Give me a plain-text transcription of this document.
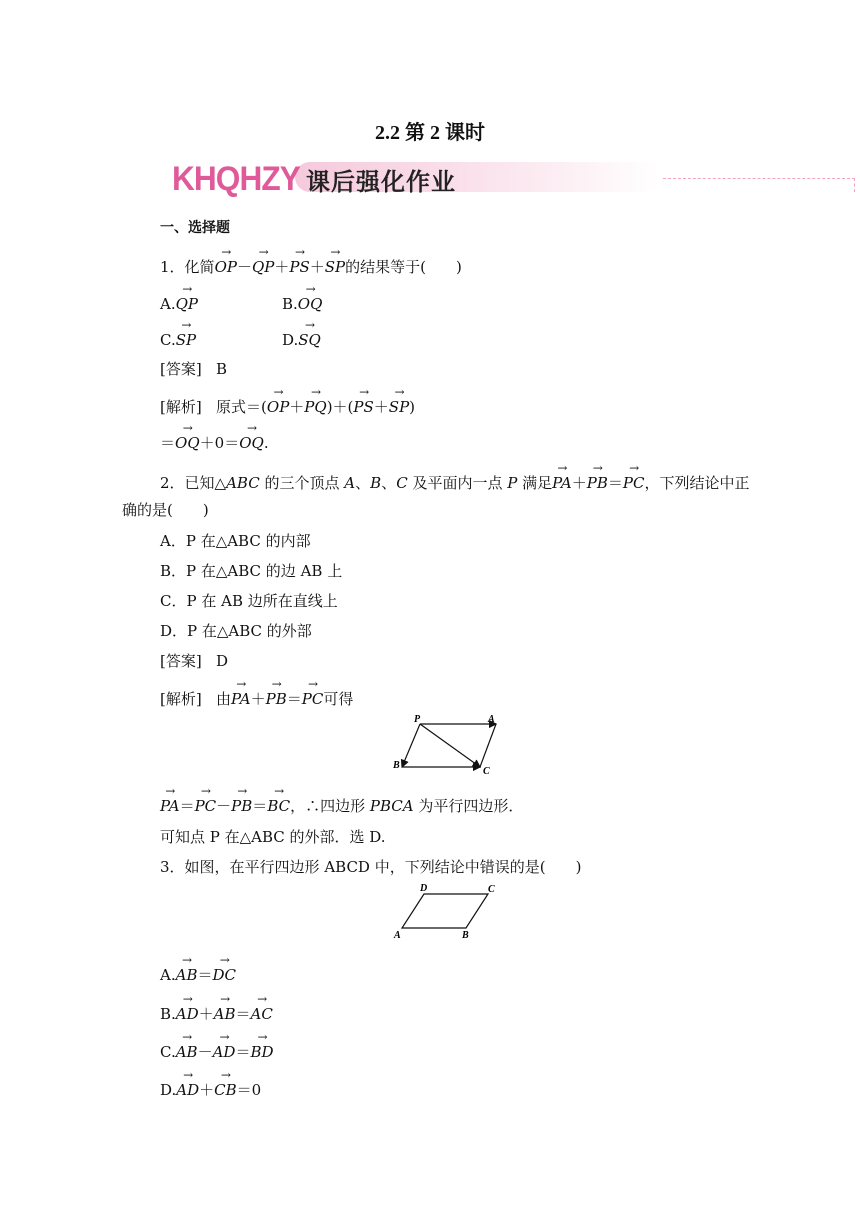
2.2 第 2 课时
KHQHZY 课后强化作业
一、选择题
1．化简→ OP－→ QP＋→ PS＋→ SP的结果等于(　　)
A.→ QP	B.→ OQ
C.→ SP	D.→ SQ
[答案] B
[解析] 原式＝(→ OP＋→ PQ)＋(→ PS＋→ SP)
＝→ OQ＋0＝→ OQ.
2．已知△ABC 的三个顶点 A、B、C 及平面内一点 P 满足→ PA＋→ PB＝→ PC，下列结论中正
确的是(　　)
A．P 在△ABC 的内部
B．P 在△ABC 的边 AB 上
C．P 在 AB 边所在直线上
D．P 在△ABC 的外部
[答案] D
[解析] 由→ PA＋→ PB＝→ PC可得
P	A
B
C
→ PA＝→ PC－→ PB＝→ BC，∴四边形 PBCA 为平行四边形．
可知点 P 在△ABC 的外部．选 D.
3．如图，在平行四边形 ABCD 中，下列结论中错误的是(　　)
A	B
C
D
A.→ AB＝→ DC
B.→ AD＋→ AB＝→ AC
C.→ AB－→ AD＝→ BD
D.→ AD＋→ CB＝0
